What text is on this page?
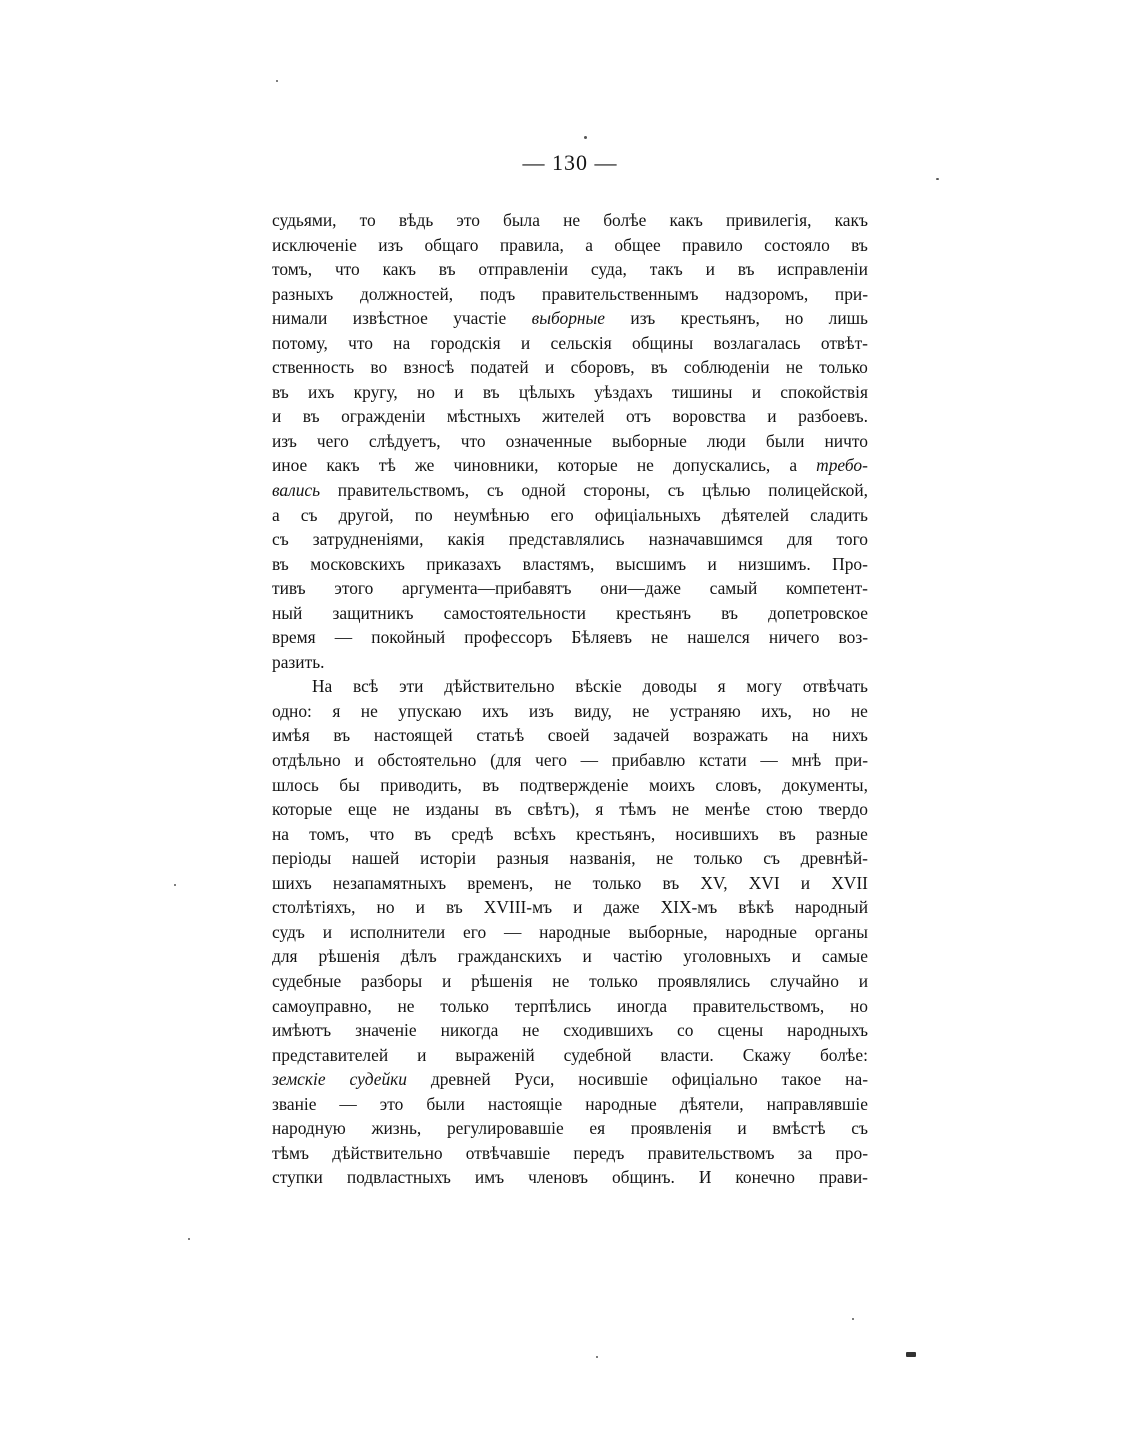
— 130 —
судьями, то вѣдь это была не болѣе какъ привилегія, какъ
исключеніе изъ общаго правила, а общее правило состояло въ
томъ, что какъ въ отправленіи суда, такъ и въ исправленіи
разныхъ должностей, подъ правительственнымъ надзоромъ, при-
нимали извѣстное участіе выборные изъ крестьянъ, но лишь
потому, что на городскія и сельскія общины возлагалась отвѣт-
ственность во взносѣ податей и сборовъ, въ соблюденіи не только
въ ихъ кругу, но и въ цѣлыхъ уѣздахъ тишины и спокойствія
и въ огражденіи мѣстныхъ жителей отъ воровства и разбоевъ.
изъ чего слѣдуетъ, что означенные выборные люди были ничто
иное какъ тѣ же чиновники, которые не допускались, а требо-
вались правительствомъ, съ одной стороны, съ цѣлью полицейской,
а съ другой, по неумѣнью его офиціальныхъ дѣятелей сладить
съ затрудненіями, какія представлялись назначавшимся для того
въ московскихъ приказахъ властямъ, высшимъ и низшимъ. Про-
тивъ этого аргумента—прибавятъ они—даже самый компетент-
ный защитникъ самостоятельности крестьянъ въ допетровское
время — покойный профессоръ Бѣляевъ не нашелся ничего воз-
разить.
На всѣ эти дѣйствительно вѣскіе доводы я могу отвѣчать
одно: я не упускаю ихъ изъ виду, не устраняю ихъ, но не
имѣя въ настоящей статьѣ своей задачей возражать на нихъ
отдѣльно и обстоятельно (для чего — прибавлю кстати — мнѣ при-
шлось бы приводить, въ подтвержденіе моихъ словъ, документы,
которые еще не изданы въ свѣтъ), я тѣмъ не менѣе стою твердо
на томъ, что въ средѣ всѣхъ крестьянъ, носившихъ въ разные
періоды нашей исторіи разныя названія, не только съ древнѣй-
шихъ незапамятныхъ временъ, не только въ XV, XVI и XVII
столѣтіяхъ, но и въ XVIII-мъ и даже XIX-мъ вѣкѣ народный
судъ и исполнители его — народные выборные, народные органы
для рѣшенія дѣлъ гражданскихъ и частію уголовныхъ и самые
судебные разборы и рѣшенія не только проявлялись случайно и
самоуправно, не только терпѣлись иногда правительствомъ, но
имѣютъ значеніе никогда не сходившихъ со сцены народныхъ
представителей и выраженій судебной власти. Скажу болѣе:
земскіе судейки древней Руси, носившіе офиціально такое на-
званіе — это были настоящіе народные дѣятели, направлявшіе
народную жизнь, регулировавшіе ея проявленія и вмѣстѣ съ
тѣмъ дѣйствительно отвѣчавшіе передъ правительствомъ за про-
ступки подвластныхъ имъ членовъ общинъ. И конечно прави-
